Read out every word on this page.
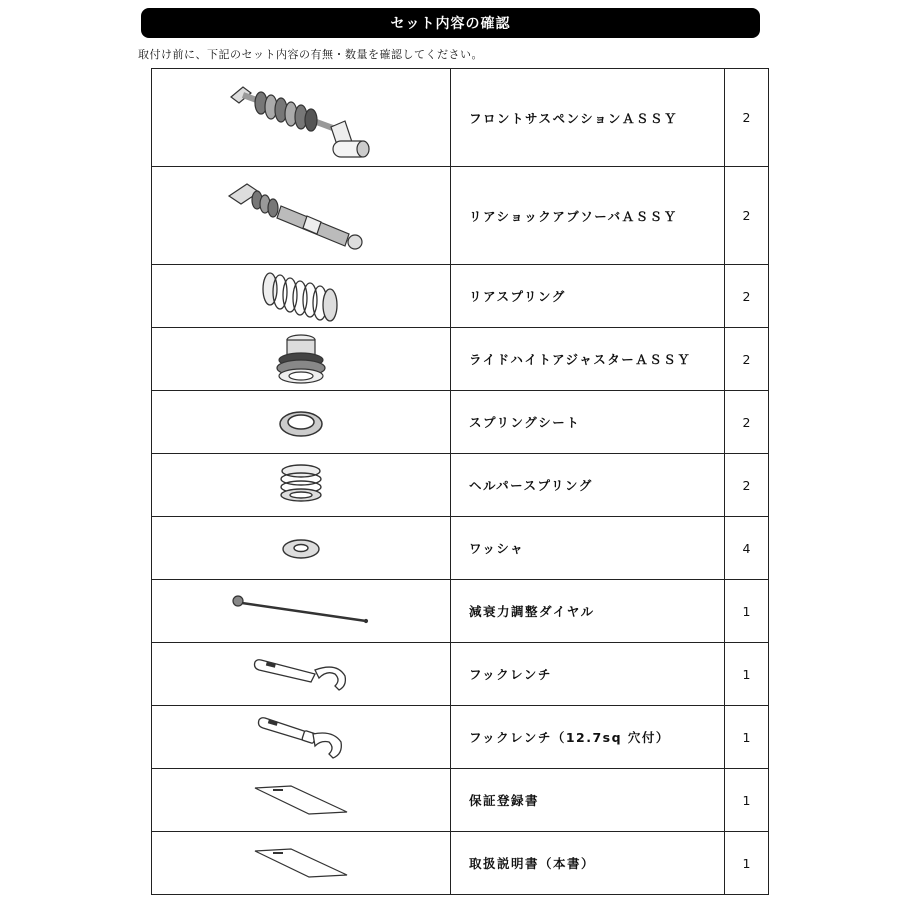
セット内容の確認
取付け前に、下記のセット内容の有無・数量を確認してください。
	フロントサスペンションＡＳＳＹ	2

	リアショックアブソーバＡＳＳＹ	2

	リアスプリング	2

	ライドハイトアジャスターＡＳＳＹ	2

	スプリングシート	2

	ヘルパースプリング	2

	ワッシャ	4

	減衰力調整ダイヤル	1

	フックレンチ	1

	フックレンチ（12.7sq 穴付）	1

	保証登録書	1

	取扱説明書（本書）	1
